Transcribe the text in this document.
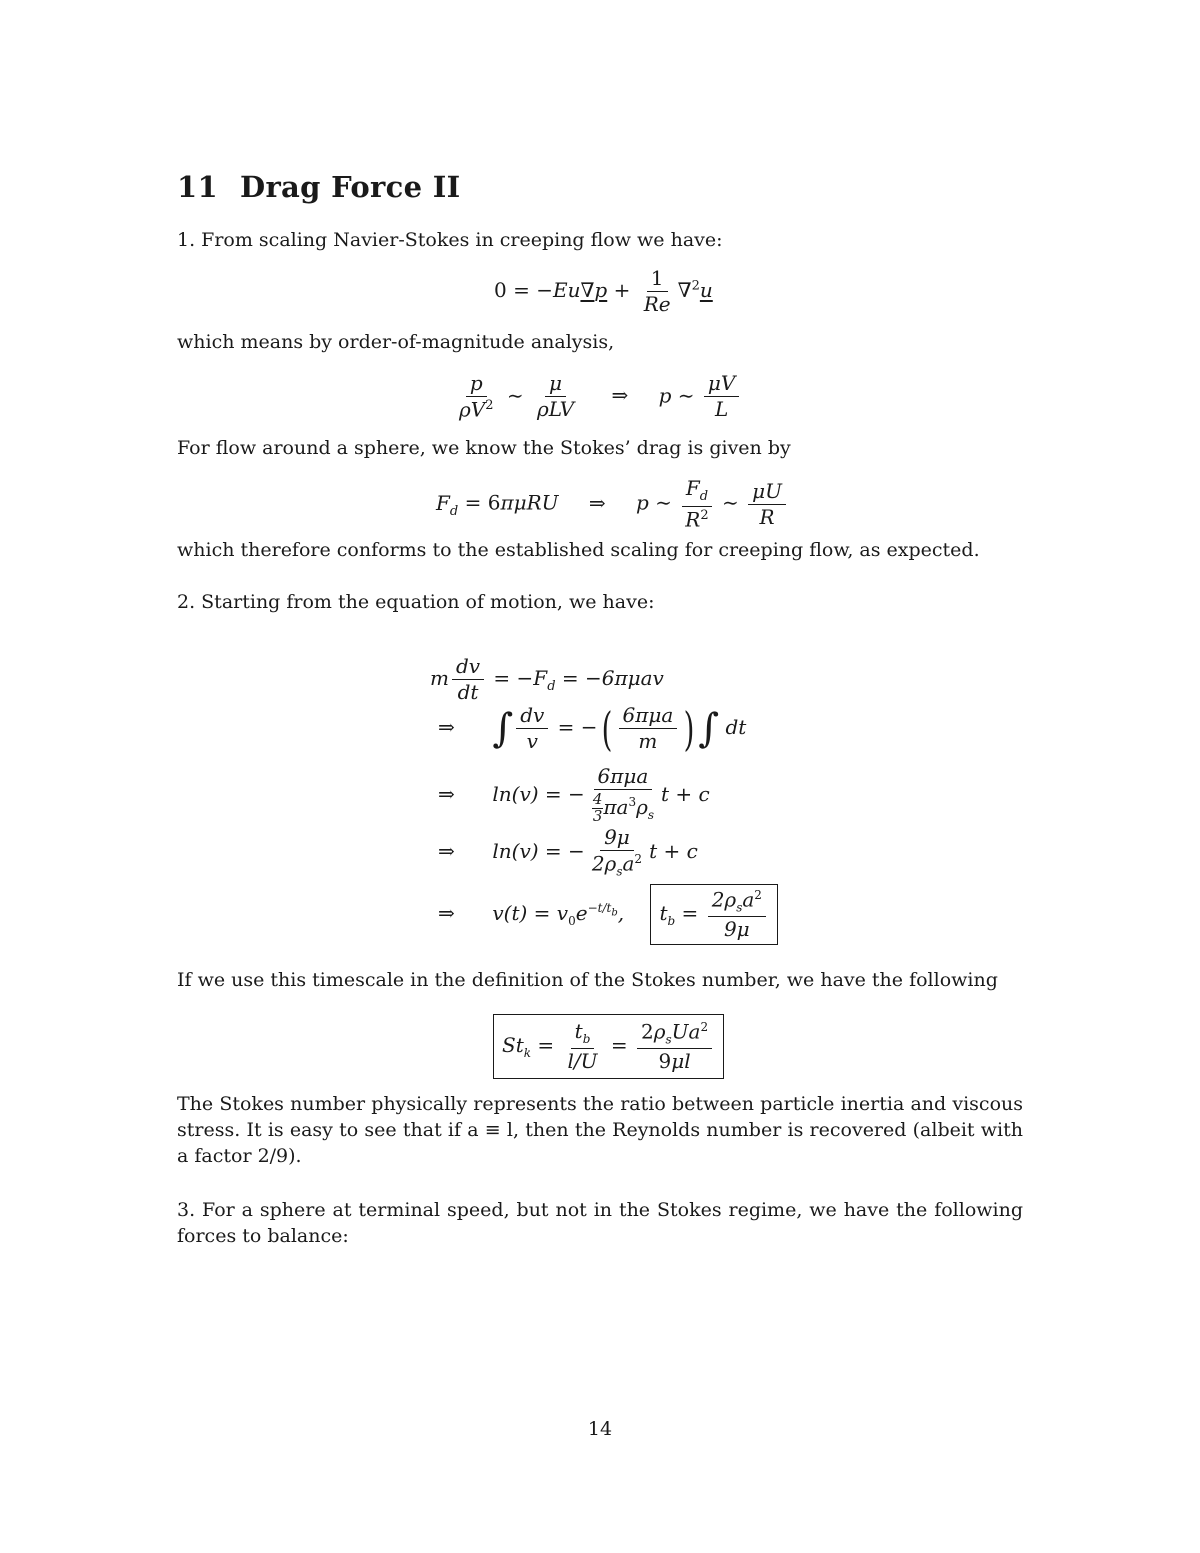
11 Drag Force II

1. From scaling Navier-Stokes in creeping flow we have:

$0 = -Eu\nabla p + \frac{1}{Re} \nabla^2u$

which means by order-of-magnitude analysis,

$\frac{p}{\rho V^2}$ ∼ $\frac{\mu}{\text{ρLV}}$ ⇒ p ∼ $\frac{\mu V}{L}$

For flow around a sphere, we know the Stokes’ drag is given by

$F_d = 6\pi\mu RU$ ⇒ p ∼ $\frac{F_d}{R^2}$ ∼ $\frac{\mu U}{R}$

which therefore conforms to the established scaling for creeping flow, as expected.

2. Starting from the equation of motion, we have:

m $\frac{dv}{dt} = -F_d = -6\pi\mu av$
⇒ ∫ $\frac{dv}{v}$ = −( $\frac{\text{6πμa}}{m}$ )∫ dt
⇒ ln(v) = − $\frac{\text{6πμa}}{\frac{4}{3} \pi a^3\rho_s}$ t + c
⇒ ln(v) = − $\frac{9\mu}{2\rho_sa^2}$ t + c
⇒ $v(t) = v_0e^{-t/t_b}$, $t_b = \frac{2\rho_sa^2}{9\mu}$

If we use this timescale in the definition of the Stokes number, we have the following

$St_k = \frac{t_b}{l/U} = \frac{2\rho_sUa^2}{9\mu l}$

The Stokes number physically represents the ratio between particle inertia and viscous stress. It is easy to see that if a ≡ l, then the Reynolds number is recovered (albeit with a factor 2/9).

3. For a sphere at terminal speed, but not in the Stokes regime, we have the following forces to balance:

14
